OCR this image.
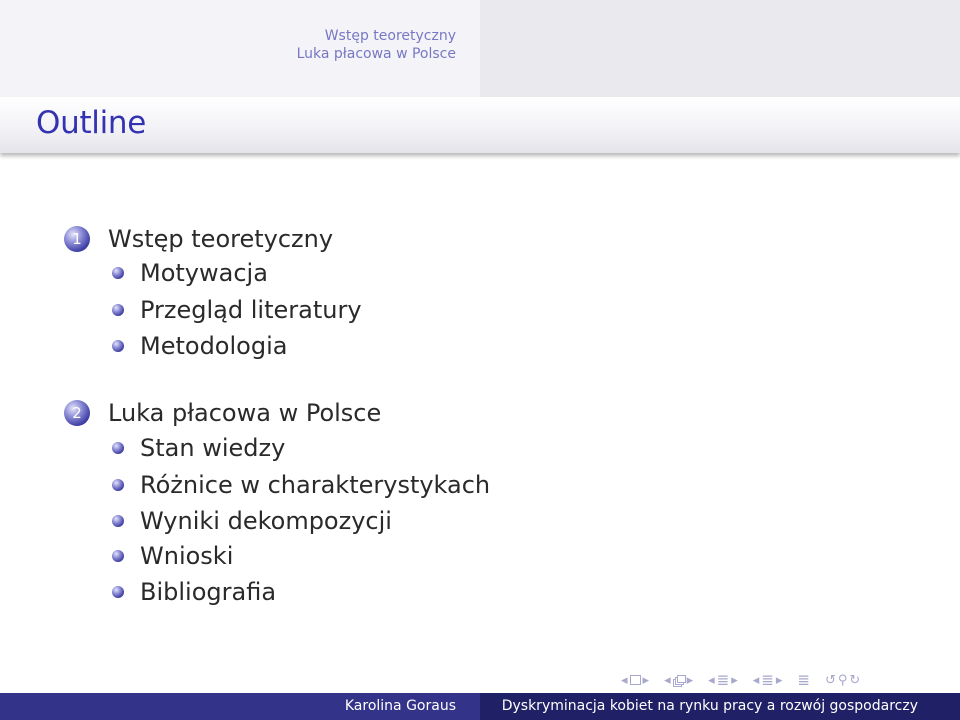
Wstęp teoretyczny
Luka płacowa w Polsce
Outline
1 Wstęp teoretyczny
Motywacja
Przegląd literatury
Metodologia
2 Luka płacowa w Polsce
Stan wiedzy
Różnice w charakterystykach
Wyniki dekompozycji
Wnioski
Bibliografia
◂ ▸ ◂ ▸ ◂ ≣ ▸ ◂ ≣ ▸ ≣ ↺ ⚲ ↻
Karolina Goraus	Dyskryminacja kobiet na rynku pracy a rozwój gospodarczy
